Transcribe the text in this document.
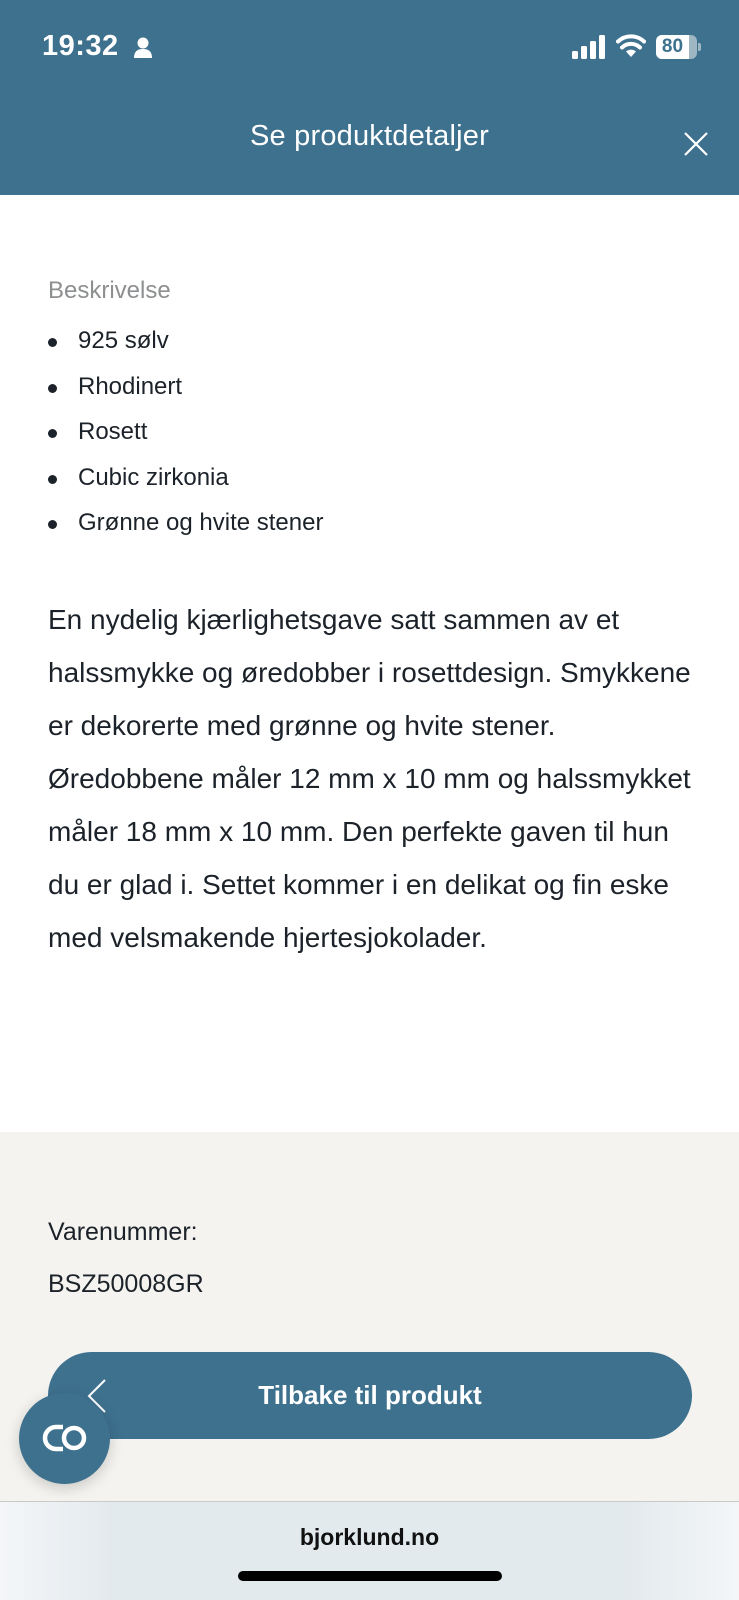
19:32	80
Se produktdetaljer
Beskrivelse
925 sølv
Rhodinert
Rosett
Cubic zirkonia
Grønne og hvite stener

En nydelig kjærlighetsgave satt sammen av et halssmykke og øredobber i rosettdesign. Smykkene er dekorerte med grønne og hvite stener. Øredobbene måler 12 mm x 10 mm og halssmykket måler 18 mm x 10 mm. Den perfekte gaven til hun du er glad i. Settet kommer i en delikat og fin eske med velsmakende hjertesjokolader.

Varenummer:
BSZ50008GR
Tilbake til produkt
bjorklund.no
